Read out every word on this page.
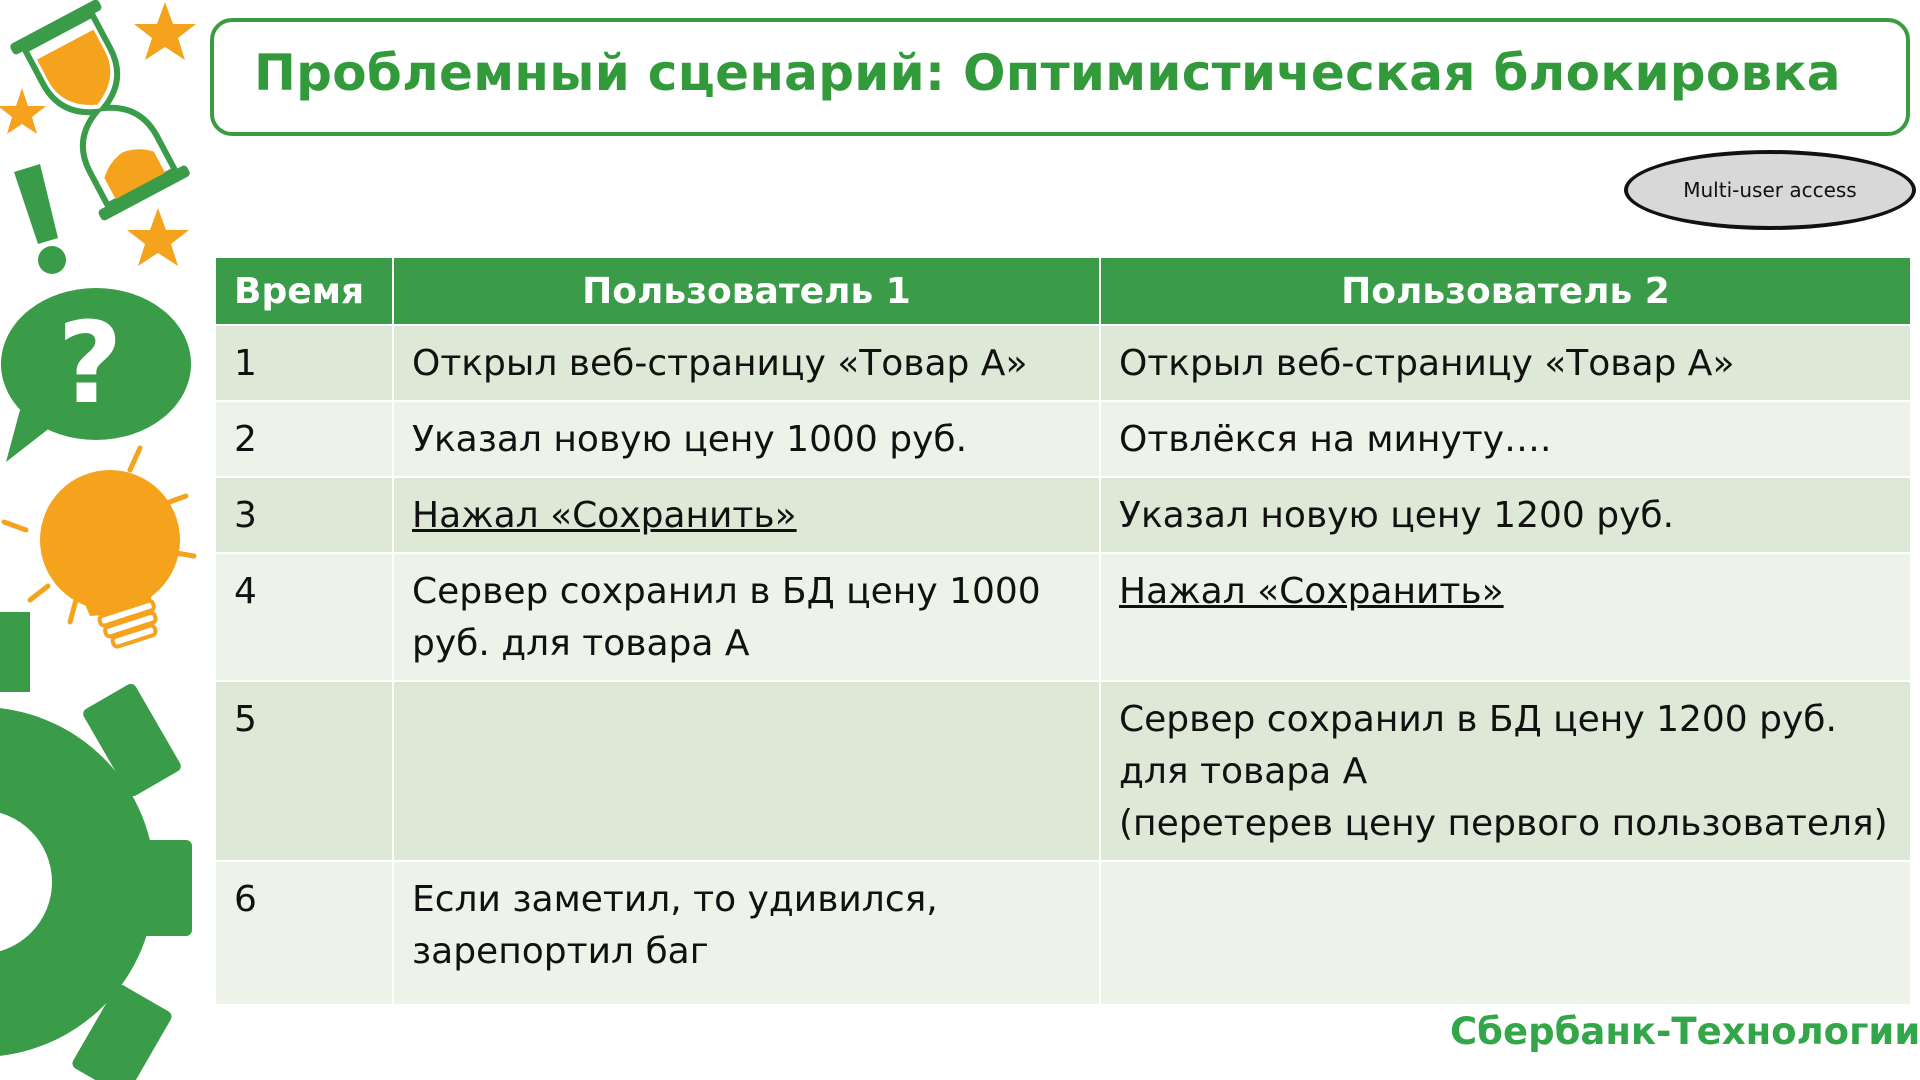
?
Проблемный сценарий: Оптимистическая блокировка
Multi-user access
Время	Пользователь 1	Пользователь 2
1	Открыл веб-страницу «Товар А»	Открыл веб-страницу «Товар А»
2	Указал новую цену 1000 руб.	Отвлёкся на минуту….
3	Нажал «Сохранить»	Указал новую цену 1200 руб.
4	Сервер сохранил в БД цену 1000
руб. для товара А	Нажал «Сохранить»
5		Сервер сохранил в БД цену 1200 руб.
для товара А
(перетерев цену первого пользователя)
6	Если заметил, то удивился,
зарепортил баг	
Сбербанк-Технологии
